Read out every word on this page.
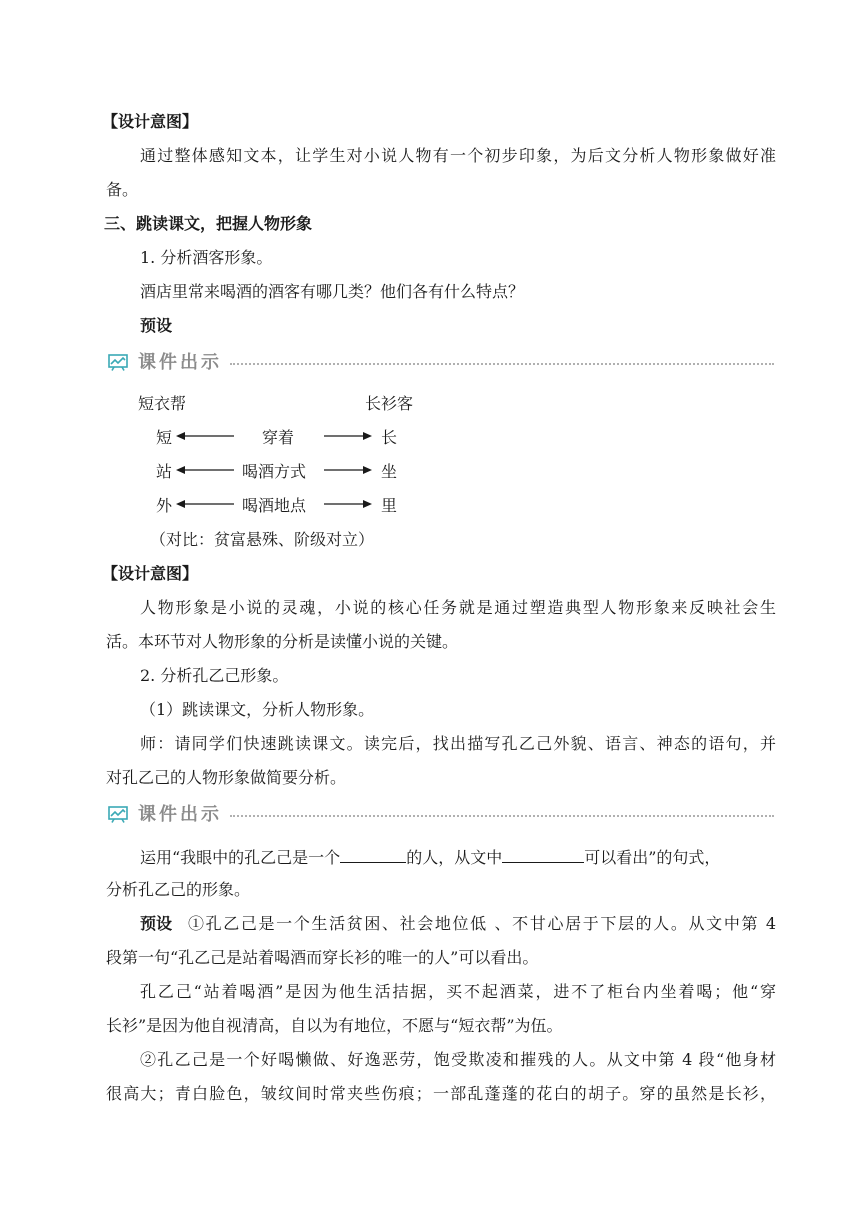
【设计意图】
通过整体感知文本，让学生对小说人物有一个初步印象，为后文分析人物形象做好准
备。
三、跳读课文，把握人物形象
1. 分析酒客形象。
酒店里常来喝酒的酒客有哪几类？他们各有什么特点？
预设
课件出示
短衣帮	长衫客
短	穿着	长
站	喝酒方式	坐
外	喝酒地点	里
（对比：贫富悬殊、阶级对立）
【设计意图】
人物形象是小说的灵魂，小说的核心任务就是通过塑造典型人物形象来反映社会生
活。本环节对人物形象的分析是读懂小说的关键。
2. 分析孔乙己形象。
（1）跳读课文，分析人物形象。
师：请同学们快速跳读课文。读完后，找出描写孔乙己外貌、语言、神态的语句，并
对孔乙己的人物形象做简要分析。
课件出示
运用“我眼中的孔乙己是一个	的人，从文中	可以看出”的句式，
分析孔乙己的形象。
预设 ①孔乙己是一个生活贫困、社会地位低 、不甘心居于下层的人。从文中第 4
段第一句“孔乙己是站着喝酒而穿长衫的唯一的人”可以看出。
孔乙己“站着喝酒”是因为他生活拮据，买不起酒菜，进不了柜台内坐着喝；他“穿
长衫”是因为他自视清高，自以为有地位，不愿与“短衣帮”为伍。
②孔乙己是一个好喝懒做、好逸恶劳，饱受欺凌和摧残的人。从文中第 4 段“他身材
很高大；青白脸色，皱纹间时常夹些伤痕；一部乱蓬蓬的花白的胡子。穿的虽然是长衫，
